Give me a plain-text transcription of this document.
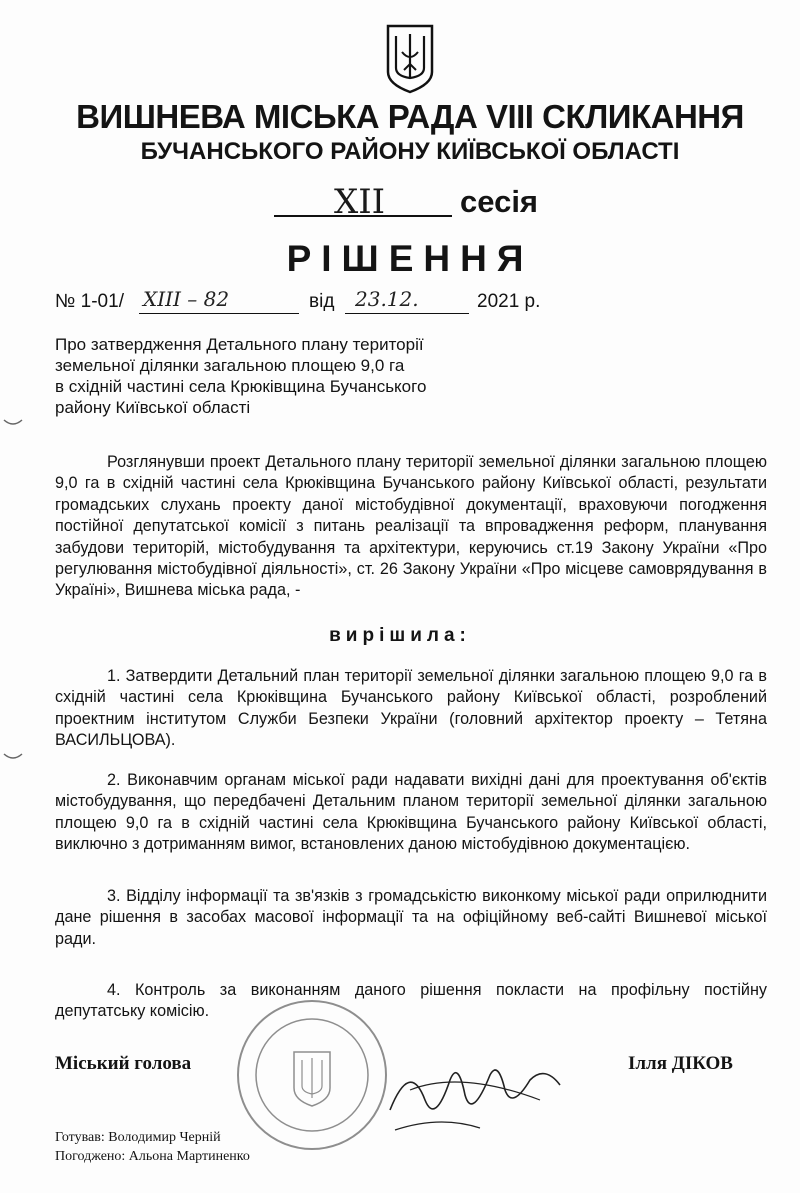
ВИШНЕВА МІСЬКА РАДА VIII СКЛИКАННЯ
БУЧАНСЬКОГО РАЙОНУ КИЇВСЬКОЇ ОБЛАСТІ
XII сесія
РІШЕННЯ
№ 1-01/ XIII – 82	від 23.12.	2021 р.
Про затвердження Детального плану території
земельної ділянки загальною площею 9,0 га
в східній частині села Крюківщина Бучанського
району Київської області
Розглянувши проект Детального плану території земельної ділянки загальною площею 9,0 га в східній частині села Крюківщина Бучанського району Київської області, результати громадських слухань проекту даної містобудівної документації, враховуючи погодження постійної депутатської комісії з питань реалізації та впровадження реформ, планування забудови територій, містобудування та архітектури, керуючись ст.19 Закону України «Про регулювання містобудівної діяльності», ст. 26 Закону України «Про місцеве самоврядування в Україні», Вишнева міська рада, -
вирішила:
1. Затвердити Детальний план території земельної ділянки загальною площею 9,0 га в східній частині села Крюківщина Бучанського району Київської області, розроблений проектним інститутом Служби Безпеки України (головний архітектор проекту – Тетяна ВАСИЛЬЦОВА).
2. Виконавчим органам міської ради надавати вихідні дані для проектування об'єктів містобудування, що передбачені Детальним планом території земельної ділянки загальною площею 9,0 га в східній частині села Крюківщина Бучанського району Київської області, виключно з дотриманням вимог, встановлених даною містобудівною документацією.
3. Відділу інформації та зв'язків з громадськістю виконкому міської ради оприлюднити дане рішення в засобах масової інформації та на офіційному веб-сайті Вишневої міської ради.
4. Контроль за виконанням даного рішення покласти на профільну постійну депутатську комісію.
Міський голова	Ілля ДІКОВ
Готував: Володимир Черній
Погоджено: Альона Мартиненко
